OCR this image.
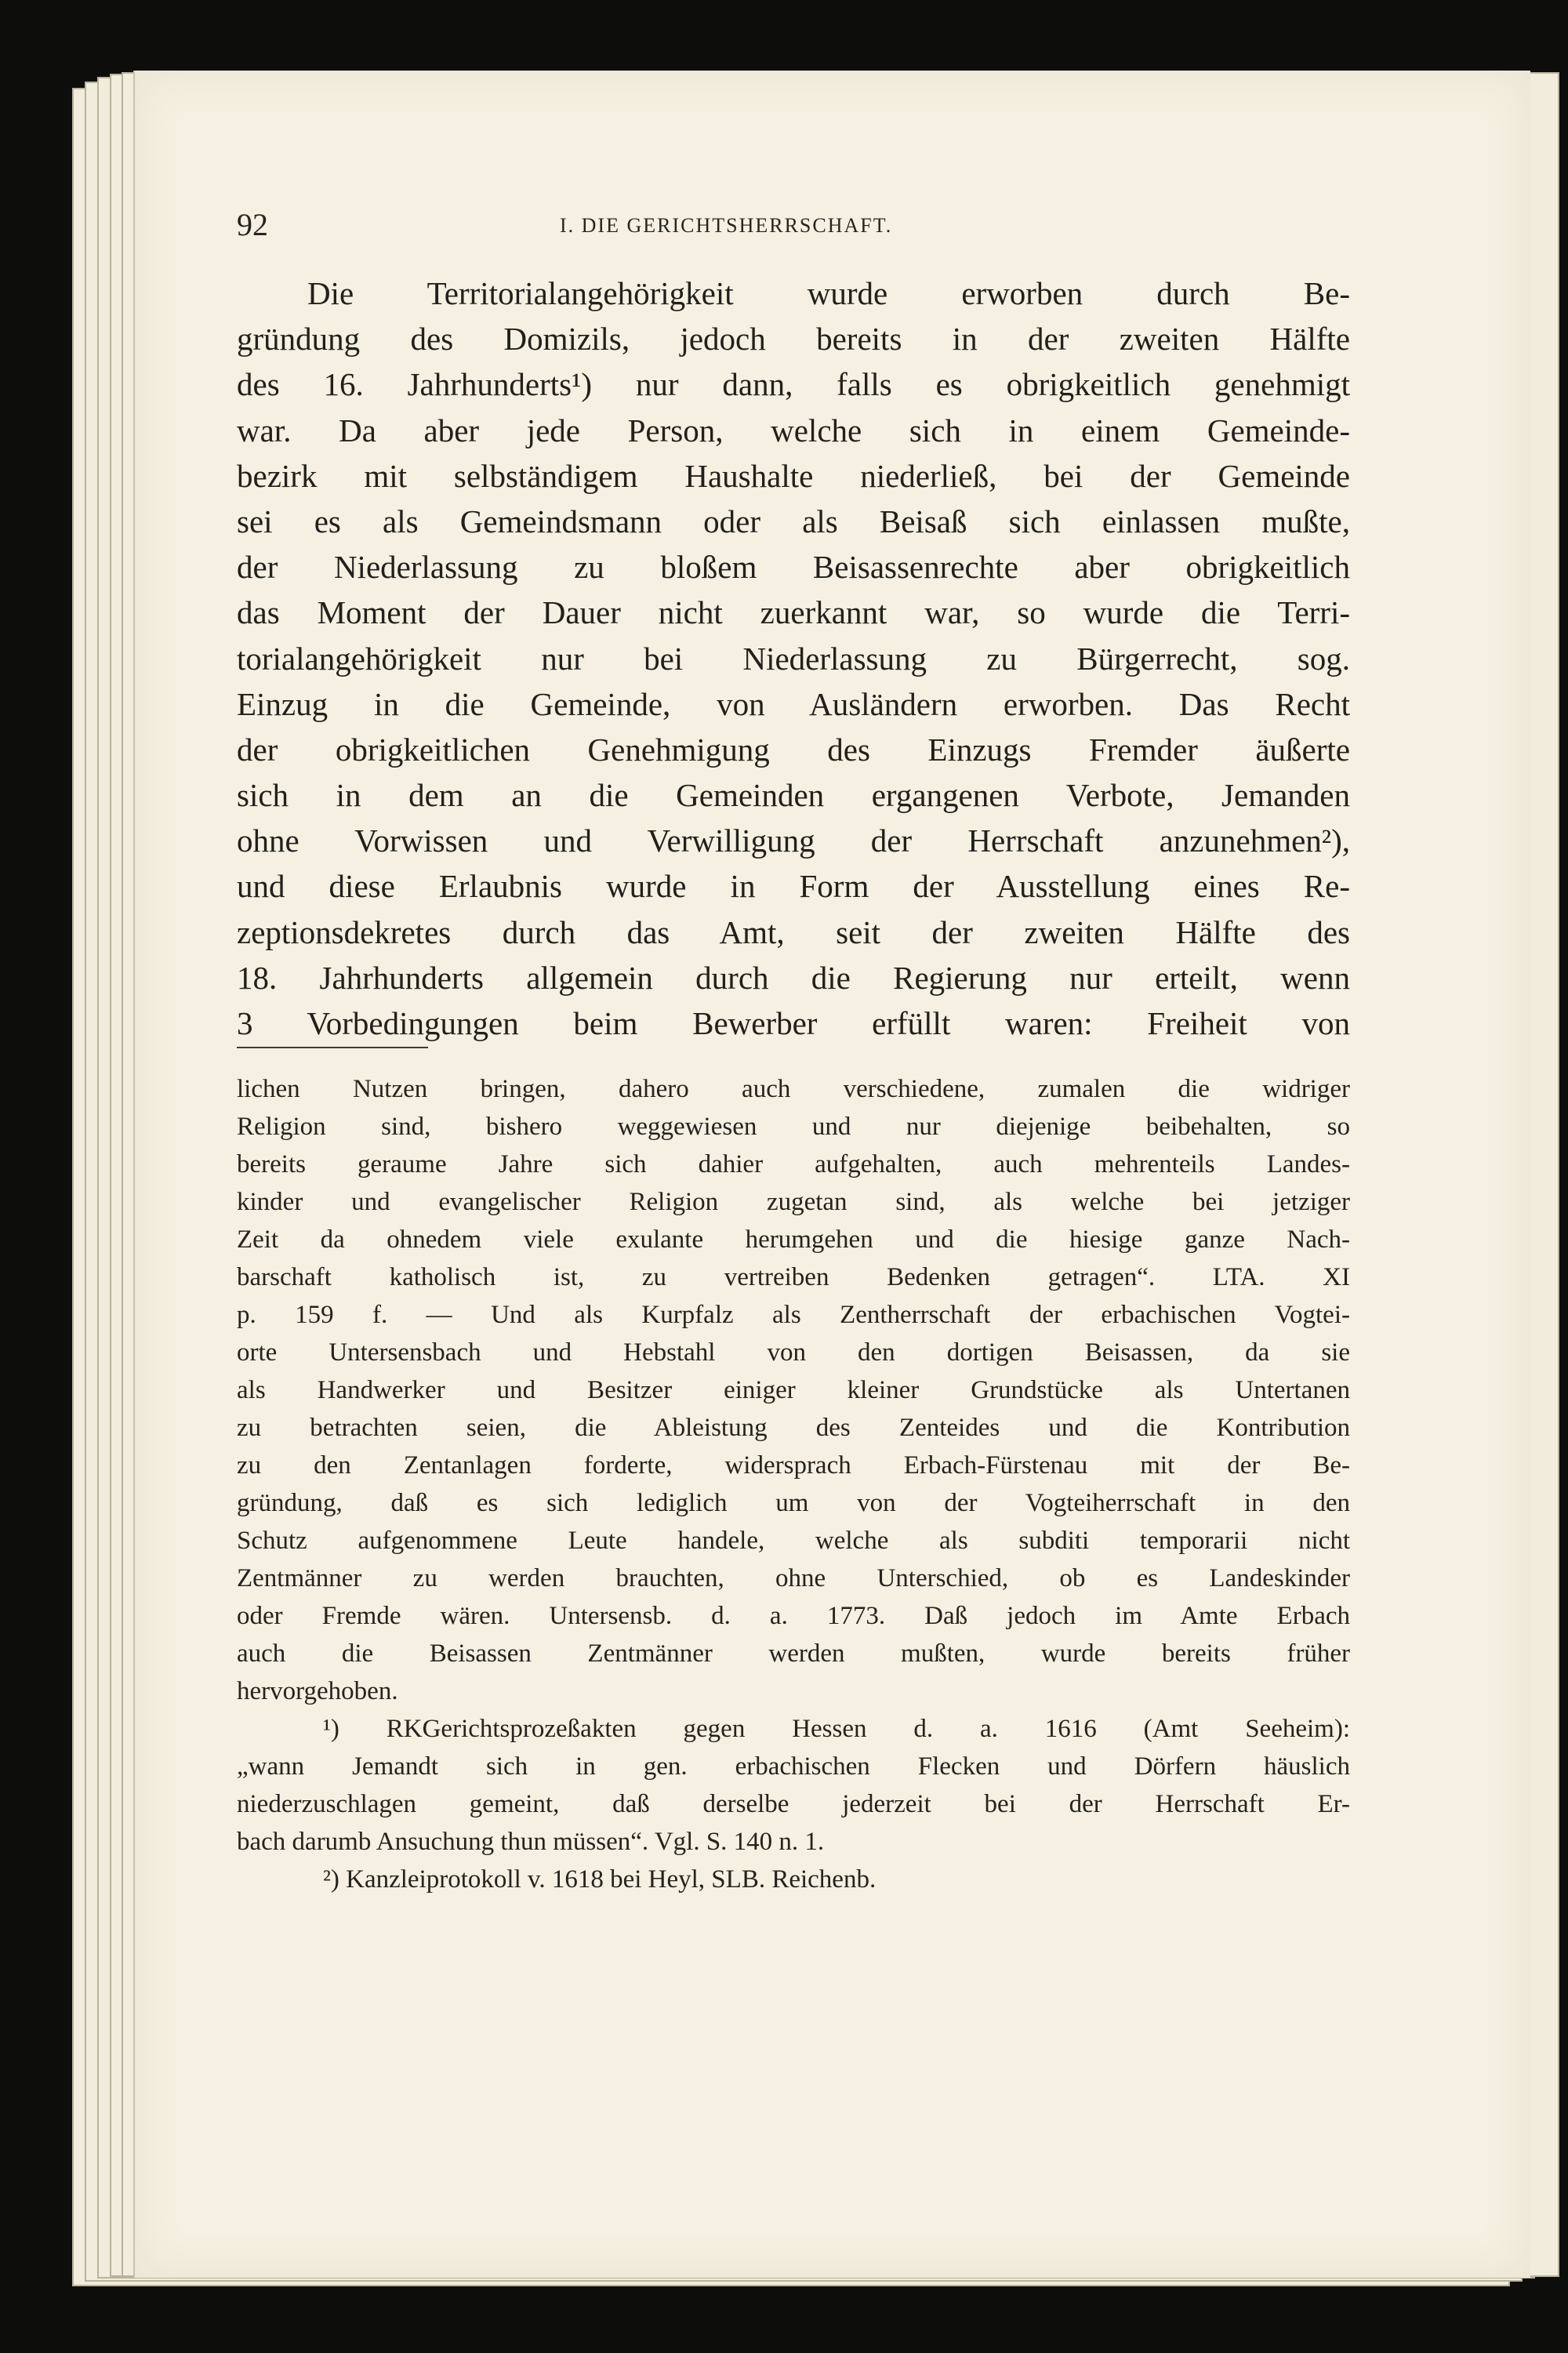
92	I. DIE GERICHTSHERRSCHAFT.
Die Territorialangehörigkeit wurde erworben durch Be-
gründung des Domizils, jedoch bereits in der zweiten Hälfte
des 16. Jahrhunderts¹) nur dann, falls es obrigkeitlich genehmigt
war. Da aber jede Person, welche sich in einem Gemeinde-
bezirk mit selbständigem Haushalte niederließ, bei der Gemeinde
sei es als Gemeindsmann oder als Beisaß sich einlassen mußte,
der Niederlassung zu bloßem Beisassenrechte aber obrigkeitlich
das Moment der Dauer nicht zuerkannt war, so wurde die Terri-
torialangehörigkeit nur bei Niederlassung zu Bürgerrecht, sog.
Einzug in die Gemeinde, von Ausländern erworben. Das Recht
der obrigkeitlichen Genehmigung des Einzugs Fremder äußerte
sich in dem an die Gemeinden ergangenen Verbote, Jemanden
ohne Vorwissen und Verwilligung der Herrschaft anzunehmen²),
und diese Erlaubnis wurde in Form der Ausstellung eines Re-
zeptionsdekretes durch das Amt, seit der zweiten Hälfte des
18. Jahrhunderts allgemein durch die Regierung nur erteilt, wenn
3 Vorbedingungen beim Bewerber erfüllt waren: Freiheit von
lichen Nutzen bringen, dahero auch verschiedene, zumalen die widriger
Religion sind, bishero weggewiesen und nur diejenige beibehalten, so
bereits geraume Jahre sich dahier aufgehalten, auch mehrenteils Landes-
kinder und evangelischer Religion zugetan sind, als welche bei jetziger
Zeit da ohnedem viele exulante herumgehen und die hiesige ganze Nach-
barschaft katholisch ist, zu vertreiben Bedenken getragen“. LTA. XI
p. 159 f. — Und als Kurpfalz als Zentherrschaft der erbachischen Vogtei-
orte Untersensbach und Hebstahl von den dortigen Beisassen, da sie
als Handwerker und Besitzer einiger kleiner Grundstücke als Untertanen
zu betrachten seien, die Ableistung des Zenteides und die Kontribution
zu den Zentanlagen forderte, widersprach Erbach-Fürstenau mit der Be-
gründung, daß es sich lediglich um von der Vogteiherrschaft in den
Schutz aufgenommene Leute handele, welche als subditi temporarii nicht
Zentmänner zu werden brauchten, ohne Unterschied, ob es Landeskinder
oder Fremde wären. Untersensb. d. a. 1773. Daß jedoch im Amte Erbach
auch die Beisassen Zentmänner werden mußten, wurde bereits früher
hervorgehoben.
¹) RKGerichtsprozeßakten gegen Hessen d. a. 1616 (Amt Seeheim):
„wann Jemandt sich in gen. erbachischen Flecken und Dörfern häuslich
niederzuschlagen gemeint, daß derselbe jederzeit bei der Herrschaft Er-
bach darumb Ansuchung thun müssen“. Vgl. S. 140 n. 1.
²) Kanzleiprotokoll v. 1618 bei Heyl, SLB. Reichenb.
